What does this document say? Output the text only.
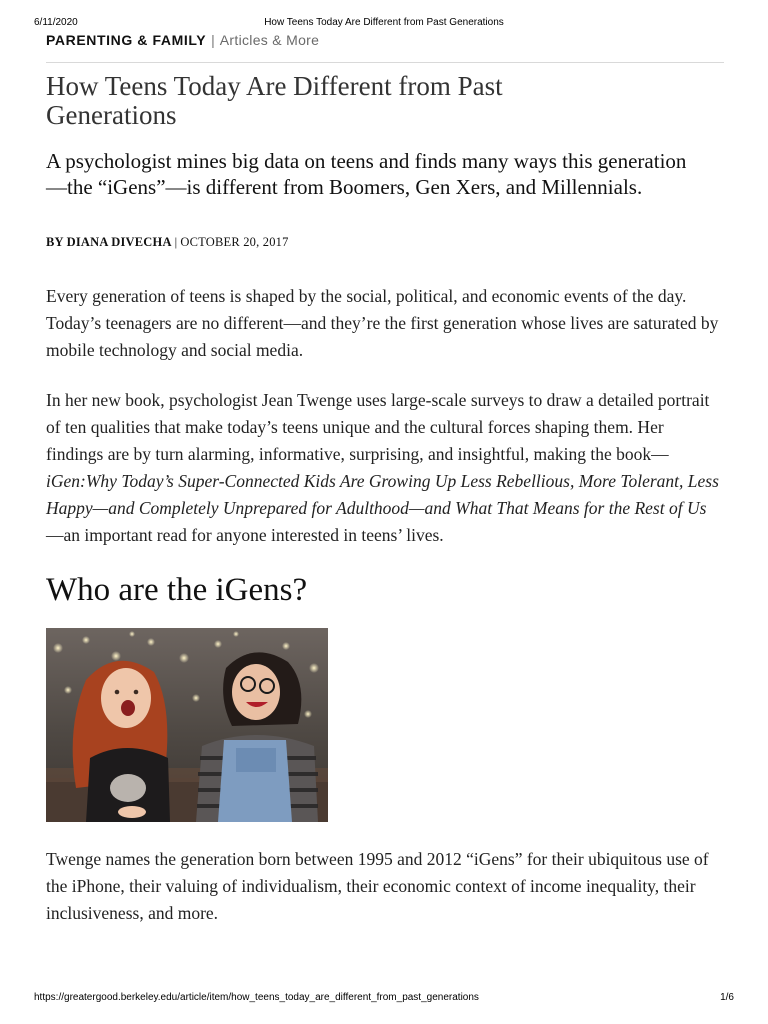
6/11/2020	How Teens Today Are Different from Past Generations
PARENTING & FAMILY | Articles & More
How Teens Today Are Different from Past Generations

A psychologist mines big data on teens and finds many ways this generation—the “iGens”—is different from Boomers, Gen Xers, and Millennials.

BY DIANA DIVECHA | OCTOBER 20, 2017

Every generation of teens is shaped by the social, political, and economic events of the day. Today’s teenagers are no different—and they’re the first generation whose lives are saturated by mobile technology and social media.

In her new book, psychologist Jean Twenge uses large-scale surveys to draw a detailed portrait of ten qualities that make today’s teens unique and the cultural forces shaping them. Her findings are by turn alarming, informative, surprising, and insightful, making the book—iGen:Why Today’s Super-Connected Kids Are Growing Up Less Rebellious, More Tolerant, Less Happy—and Completely Unprepared for Adulthood—and What That Means for the Rest of Us—an important read for anyone interested in teens’ lives.

Who are the iGens?

Twenge names the generation born between 1995 and 2012 “iGens” for their ubiquitous use of the iPhone, their valuing of individualism, their economic context of income inequality, their inclusiveness, and more.

https://greatergood.berkeley.edu/article/item/how_teens_today_are_different_from_past_generations	1/6
